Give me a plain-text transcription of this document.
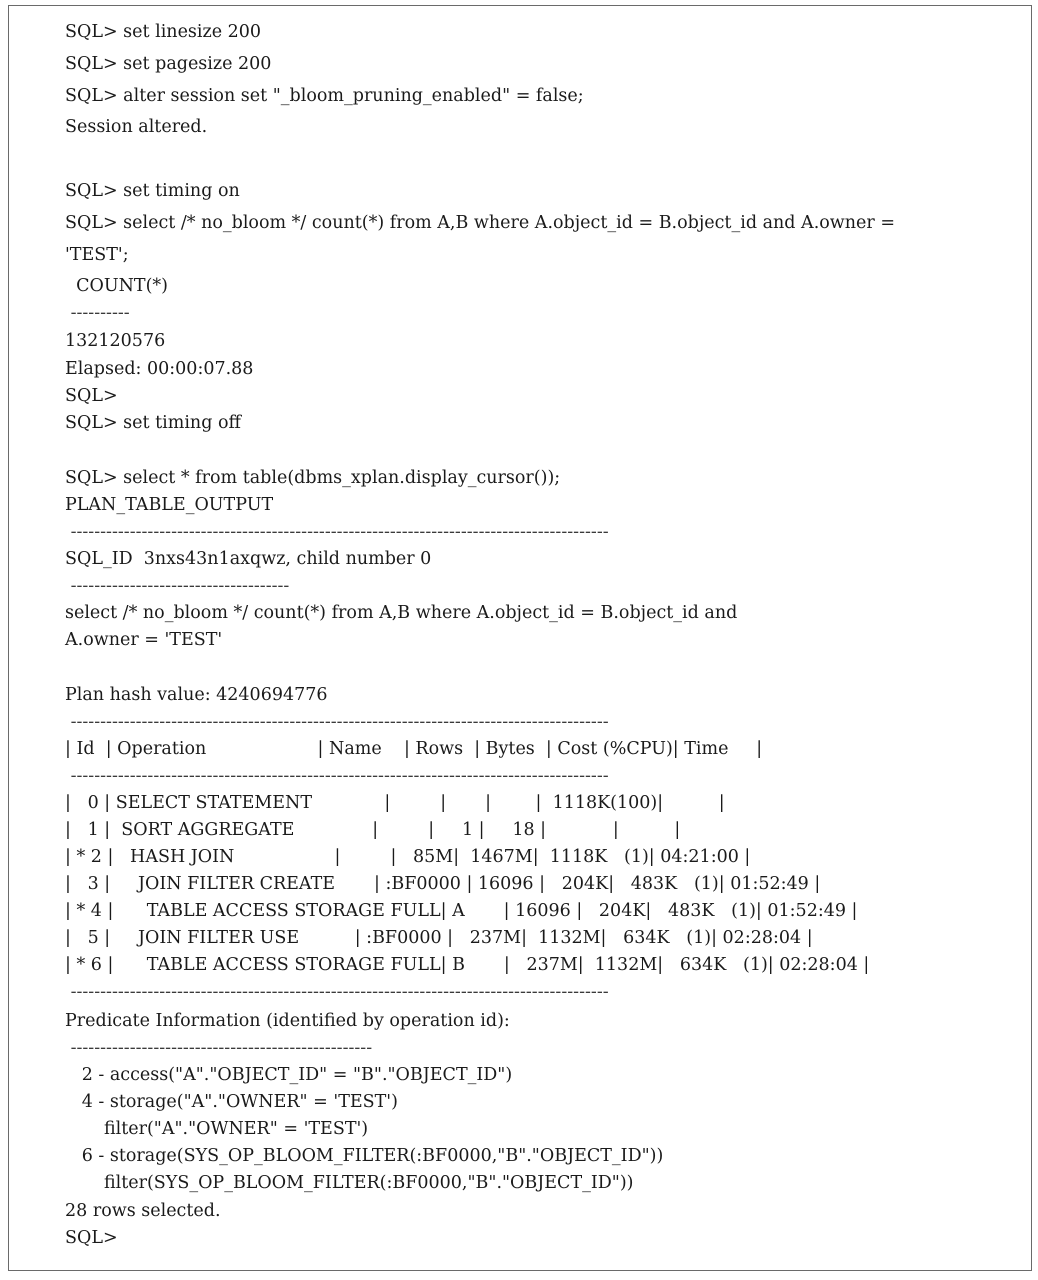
SQL> set linesize 200

SQL> set pagesize 200

SQL> alter session set "_bloom_pruning_enabled" = false;

Session altered.

SQL> set timing on

SQL> select /* no_bloom */ count(*) from A,B where A.object_id = B.object_id and A.owner =

'TEST';

COUNT(*)

----------

132120576

Elapsed: 00:00:07.88

SQL>

SQL> set timing off

SQL> select * from table(dbms_xplan.display_cursor());

PLAN_TABLE_OUTPUT

-------------------------------------------------------------------------------------------

SQL_ID  3nxs43n1axqwz, child number 0

-------------------------------------

select /* no_bloom */ count(*) from A,B where A.object_id = B.object_id and

A.owner = 'TEST'

Plan hash value: 4240694776

-------------------------------------------------------------------------------------------

| Id  | Operation                    | Name    | Rows  | Bytes  | Cost (%CPU)| Time     |

-------------------------------------------------------------------------------------------

|   0 | SELECT STATEMENT             |         |       |        |  1118K(100)|          |

|   1 |  SORT AGGREGATE              |         |     1 |     18 |            |          |

| * 2 |   HASH JOIN                  |         |   85M|  1467M|  1118K   (1)| 04:21:00 |

|   3 |     JOIN FILTER CREATE       | :BF0000 | 16096 |   204K|   483K   (1)| 01:52:49 |

| * 4 |      TABLE ACCESS STORAGE FULL| A       | 16096 |   204K|   483K   (1)| 01:52:49 |

|   5 |     JOIN FILTER USE          | :BF0000 |   237M|  1132M|   634K   (1)| 02:28:04 |

| * 6 |      TABLE ACCESS STORAGE FULL| B       |   237M|  1132M|   634K   (1)| 02:28:04 |

-------------------------------------------------------------------------------------------

Predicate Information (identified by operation id):

---------------------------------------------------

2 - access("A"."OBJECT_ID" = "B"."OBJECT_ID")

4 - storage("A"."OWNER" = 'TEST')

filter("A"."OWNER" = 'TEST')

6 - storage(SYS_OP_BLOOM_FILTER(:BF0000,"B"."OBJECT_ID"))

filter(SYS_OP_BLOOM_FILTER(:BF0000,"B"."OBJECT_ID"))

28 rows selected.

SQL>
